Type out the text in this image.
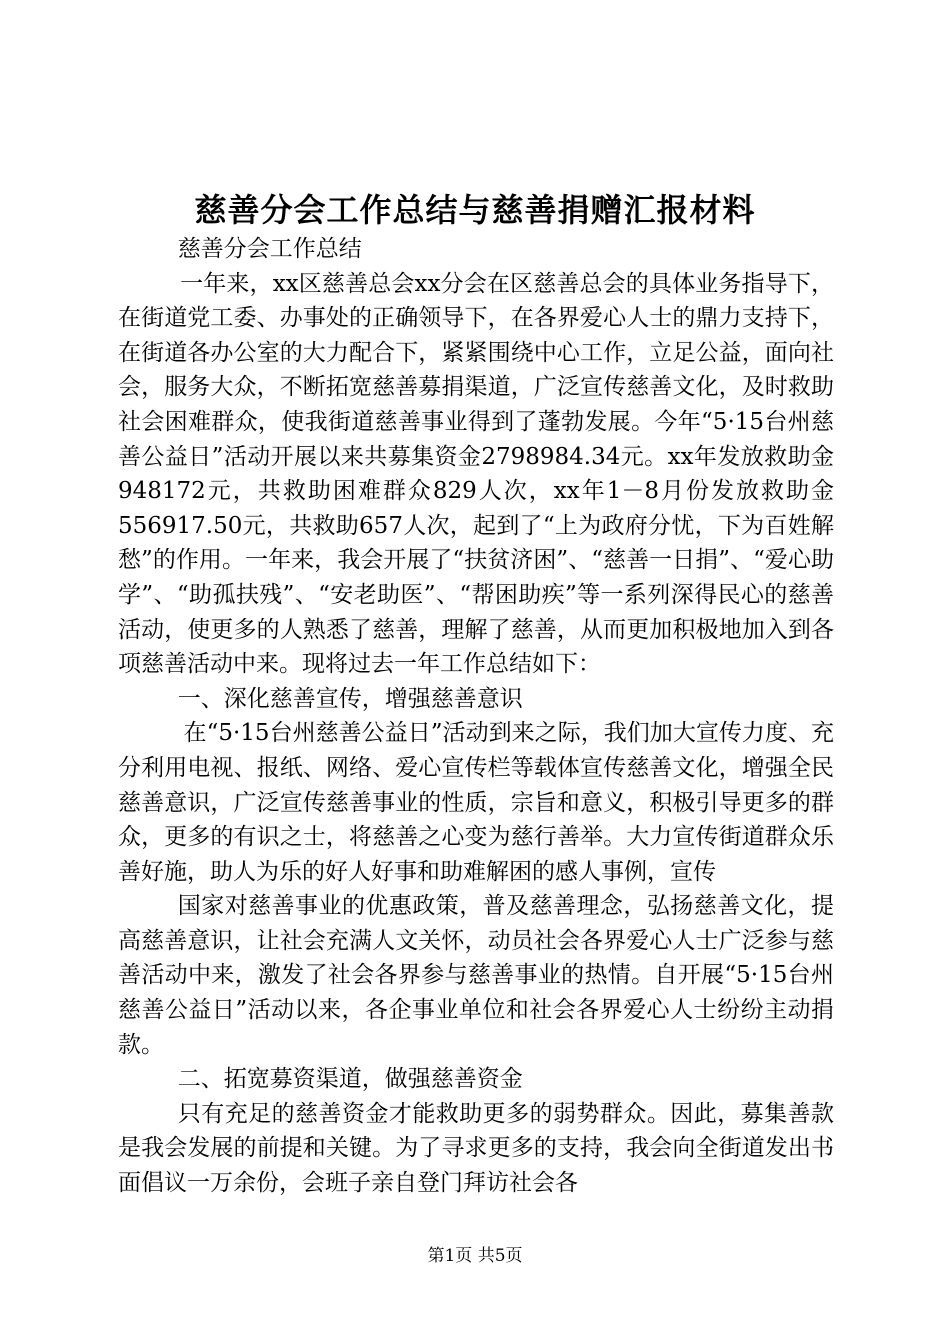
慈善分会工作总结与慈善捐赠汇报材料

慈善分会工作总结

一年来，xx区慈善总会xx分会在区慈善总会的具体业务指导下，在街道党工委、办事处的正确领导下，在各界爱心人士的鼎力支持下，在街道各办公室的大力配合下，紧紧围绕中心工作，立足公益，面向社会，服务大众，不断拓宽慈善募捐渠道，广泛宣传慈善文化，及时救助社会困难群众，使我街道慈善事业得到了蓬勃发展。今年“5·15台州慈善公益日”活动开展以来共募集资金2798984.34元。xx年发放救助金948172元，共救助困难群众829人次，xx年1－8月份发放救助金556917.50元，共救助657人次，起到了“上为政府分忧，下为百姓解愁”的作用。一年来，我会开展了“扶贫济困”、“慈善一日捐”、“爱心助学”、“助孤扶残”、“安老助医”、“帮困助疾”等一系列深得民心的慈善活动，使更多的人熟悉了慈善，理解了慈善，从而更加积极地加入到各项慈善活动中来。现将过去一年工作总结如下：

一、深化慈善宣传，增强慈善意识

在“5·15台州慈善公益日”活动到来之际，我们加大宣传力度、充分利用电视、报纸、网络、爱心宣传栏等载体宣传慈善文化，增强全民慈善意识，广泛宣传慈善事业的性质，宗旨和意义，积极引导更多的群众，更多的有识之士，将慈善之心变为慈行善举。大力宣传街道群众乐善好施，助人为乐的好人好事和助难解困的感人事例，宣传

国家对慈善事业的优惠政策，普及慈善理念，弘扬慈善文化，提高慈善意识，让社会充满人文关怀，动员社会各界爱心人士广泛参与慈善活动中来，激发了社会各界参与慈善事业的热情。自开展“5·15台州慈善公益日”活动以来，各企事业单位和社会各界爱心人士纷纷主动捐款。

二、拓宽募资渠道，做强慈善资金

只有充足的慈善资金才能救助更多的弱势群众。因此，募集善款是我会发展的前提和关键。为了寻求更多的支持，我会向全街道发出书面倡议一万余份，会班子亲自登门拜访社会各

第1页 共5页
